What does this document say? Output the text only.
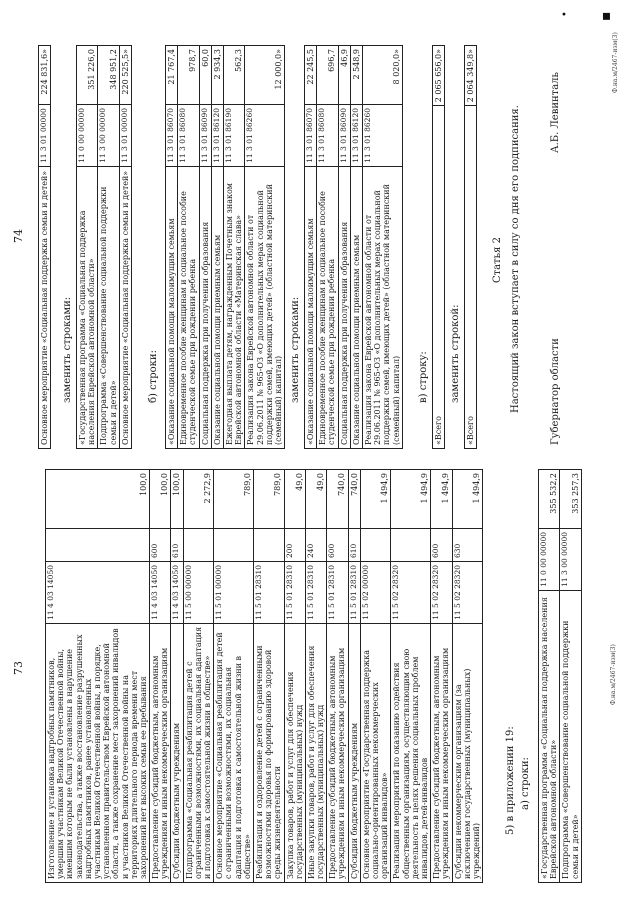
73	Изготовление и установка надгробных памятников, умершим участникам Великой Отечественной войны, имевшим которым не были установлены в нарушение законодательства, а также восстановление разрушенных надгробных памятников, ранее установленных участникам Великой Отечественной войны, в порядке, установленном правительством Еврейской автономной области, а также сохранение мест захоронений инвалидов и участников Великой Отечественной войны на территориях длительного периода времени мест захоронений нет высоких семьи ее пребывания	11 4 03 14050		100,0
Предоставление субсидий бюджетным, автономным учреждениям и иным некоммерческим организациям	11 4 03 14050	600	100,0
Субсидии бюджетным учреждениям	11 4 03 14050	610	100,0
Подпрограмма «Социальная реабилитация детей с ограниченными возможностями, их социальная адаптация и подготовка к самостоятельной жизни в обществе»	11 5 00 00000		2 272,9
Основное мероприятие «Социальная реабилитация детей с ограниченными возможностями, их социальная адаптация и подготовка к самостоятельной жизни в обществе»	11 5 01 00000		789,0
Реабилитация и оздоровление детей с ограниченными возможностями здоровья по формированию здоровой среды жизнедеятельности	11 5 01 28310		789,0
Закупка товаров, работ и услуг для обеспечения государственных (муниципальных) нужд	11 5 01 28310	200	49,0
Иные закупки товаров, работ и услуг для обеспечения государственных (муниципальных) нужд	11 5 01 28310	240	49,0
Предоставление субсидий бюджетным, автономным учреждениям и иным некоммерческим организациям	11 5 01 28310	600	740,0
Субсидии бюджетным учреждениям	11 5 01 28310	610	740,0
Основное мероприятие «Государственная поддержка социально-ориентированных некоммерческих организаций инвалидов»	11 5 02 00000		1 494,9
Реализация мероприятий по оказанию содействия общественным организациям, осуществляющим свою деятельность в целях решения социальных проблем инвалидов, детей-инвалидов	11 5 02 28320		1 494,9
Предоставление субсидий бюджетным, автономным учреждениям и иным некоммерческим организациям	11 5 02 28320	600	1 494,9
Субсидии некоммерческим организациям (за исключением государственных (муниципальных) учреждений)	11 5 02 28320	630	1 494,9
5) в приложении 19: а) строки: «Государственная программа «Социальная поддержка населения Еврейской автономной области»	11 0 00 00000	355 532,2
Подпрограмма «Совершенствование социальной поддержки семьи и детей»	11 3 00 00000	353 257,3
Ф.на.м/2467-изм(3)
74 Основное мероприятие «Социальная поддержка семьи и детей»	11 3 01 00000	224 831,6»
заменить строками: «Государственная программа «Социальная поддержка населения Еврейской автономной области»	11 0 00 00000	351 226,0
Подпрограмма «Совершенствование социальной поддержки семьи и детей»	11 3 00 00000	348 951,2
Основное мероприятие «Социальная поддержка семьи и детей»	11 3 01 00000	220 525,5»
б) строки: «Оказание социальной помощи малоимущим семьям	11 3 01 86070	21 767,4
Единовременное пособие женщинам и социальное пособие студенческой семье при рождении ребенка	11 3 01 86080	978,7
Социальная поддержка при получении образования	11 3 01 86090	60,0
Оказание социальной помощи приемным семьям	11 3 01 86120	2 934,3
Ежегодная выплата детям, награжденным Почетным знаком Еврейской автономной области «Материнская слава»	11 3 01 86190	562,3
Реализация закона Еврейской автономной области от 29.06.2011 № 965-ОЗ «О дополнительных мерах социальной поддержки семей, имеющих детей» (областной материнский (семейный) капитал)	11 3 01 86260	12 000,0»
заменить строками: «Оказание социальной помощи малоимущим семьям	11 3 01 86070	22 245,5
Единовременное пособие женщинам и социальное пособие студенческой семье при рождении ребенка	11 3 01 86080	696,7
Социальная поддержка при получении образования	11 3 01 86090	46,9
Оказание социальной помощи приемным семьям	11 3 01 86120	2 548,9
Реализация закона Еврейской автономной области от 29.06.2011 № 965-ОЗ «О дополнительных мерах социальной поддержки семей, имеющих детей» (областной материнский (семейный) капитал)	11 3 01 86260	8 020,0»
в) строку:
«Всего	2 065 656,0»
заменить строкой:
«Всего	2 064 349,8»
Статья 2 Настоящий закон вступает в силу со дня его подписания.	Губернатор области
А.Б. Левинталь
Ф.на.м/2467-изм(3)
▪
•
